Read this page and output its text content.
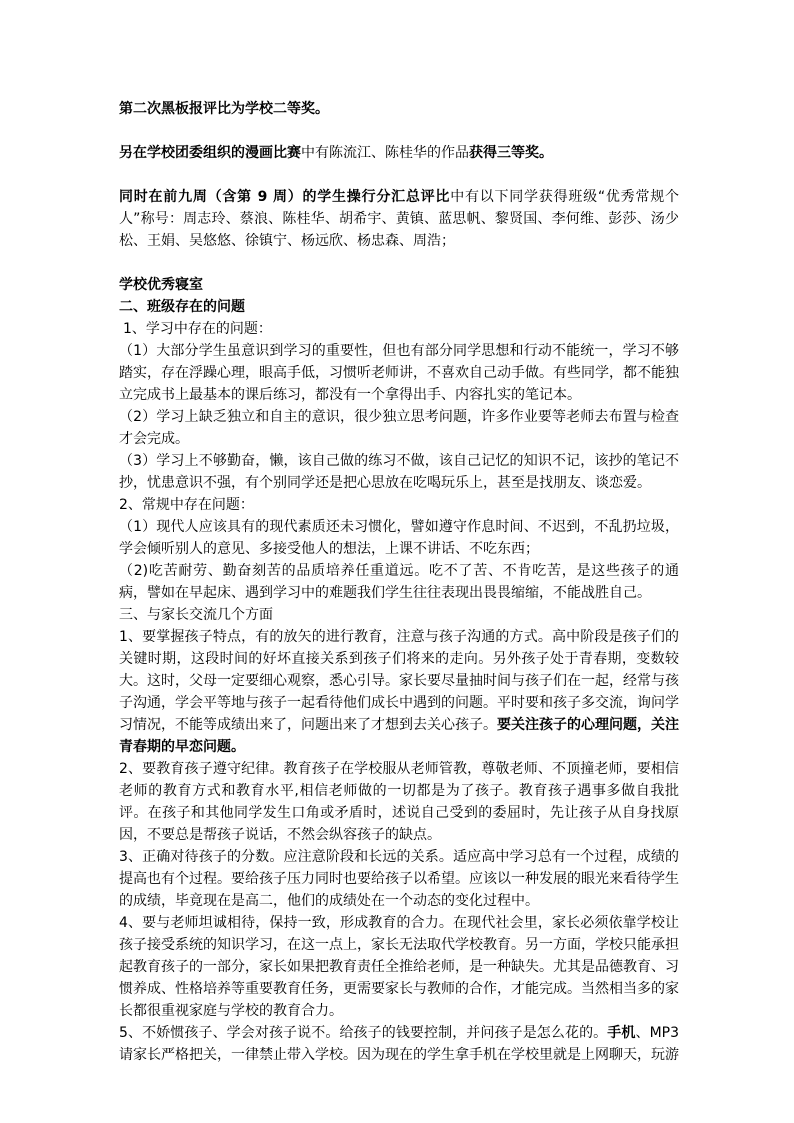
第二次黑板报评比为学校二等奖。

另在学校团委组织的漫画比赛中有陈流江、陈桂华的作品获得三等奖。

同时在前九周（含第 9 周）的学生操行分汇总评比中有以下同学获得班级“优秀常规个人”称号：周志玲、蔡浪、陈桂华、胡希宇、黄镇、蓝思帆、黎贤国、李何维、彭莎、汤少松、王娟、吴悠悠、徐镇宁、杨远欣、杨忠森、周浩；

学校优秀寝室

二、班级存在的问题

1、学习中存在的问题：

（1）大部分学生虽意识到学习的重要性，但也有部分同学思想和行动不能统一，学习不够踏实，存在浮躁心理，眼高手低，习惯听老师讲，不喜欢自己动手做。有些同学，都不能独立完成书上最基本的课后练习，都没有一个拿得出手、内容扎实的笔记本。

（2）学习上缺乏独立和自主的意识，很少独立思考问题，许多作业要等老师去布置与检查才会完成。

（3）学习上不够勤奋，懒，该自己做的练习不做，该自己记忆的知识不记，该抄的笔记不抄，忧患意识不强，有个别同学还是把心思放在吃喝玩乐上，甚至是找朋友、谈恋爱。

2、常规中存在问题：

（1）现代人应该具有的现代素质还未习惯化，譬如遵守作息时间、不迟到，不乱扔垃圾，学会倾听别人的意见、多接受他人的想法，上课不讲话、不吃东西；

（2)吃苦耐劳、勤奋刻苦的品质培养任重道远。吃不了苦、不肯吃苦，是这些孩子的通病，譬如在早起床、遇到学习中的难题我们学生往往表现出畏畏缩缩，不能战胜自己。

三、与家长交流几个方面

1、要掌握孩子特点，有的放矢的进行教育，注意与孩子沟通的方式。高中阶段是孩子们的关键时期，这段时间的好坏直接关系到孩子们将来的走向。另外孩子处于青春期，变数较大。这时，父母一定要细心观察，悉心引导。家长要尽量抽时间与孩子们在一起，经常与孩子沟通，学会平等地与孩子一起看待他们成长中遇到的问题。平时要和孩子多交流，询问学习情况，不能等成绩出来了，问题出来了才想到去关心孩子。要关注孩子的心理问题，关注青春期的早恋问题。

2、要教育孩子遵守纪律。教育孩子在学校服从老师管教，尊敬老师、不顶撞老师，要相信老师的教育方式和教育水平,相信老师做的一切都是为了孩子。教育孩子遇事多做自我批评。在孩子和其他同学发生口角或矛盾时，述说自己受到的委屈时，先让孩子从自身找原因，不要总是帮孩子说话，不然会纵容孩子的缺点。

3、正确对待孩子的分数。应注意阶段和长远的关系。适应高中学习总有一个过程，成绩的提高也有个过程。要给孩子压力同时也要给孩子以希望。应该以一种发展的眼光来看待学生的成绩，毕竟现在是高二，他们的成绩处在一个动态的变化过程中。

4、要与老师坦诚相待，保持一致，形成教育的合力。在现代社会里，家长必须依靠学校让孩子接受系统的知识学习，在这一点上，家长无法取代学校教育。另一方面，学校只能承担起教育孩子的一部分，家长如果把教育责任全推给老师，是一种缺失。尤其是品德教育、习惯养成、性格培养等重要教育任务，更需要家长与教师的合作，才能完成。当然相当多的家长都很重视家庭与学校的教育合力。

5、不娇惯孩子、学会对孩子说不。给孩子的钱要控制，并问孩子是怎么花的。手机、MP3请家长严格把关，一律禁止带入学校。因为现在的学生拿手机在学校里就是上网聊天，玩游
